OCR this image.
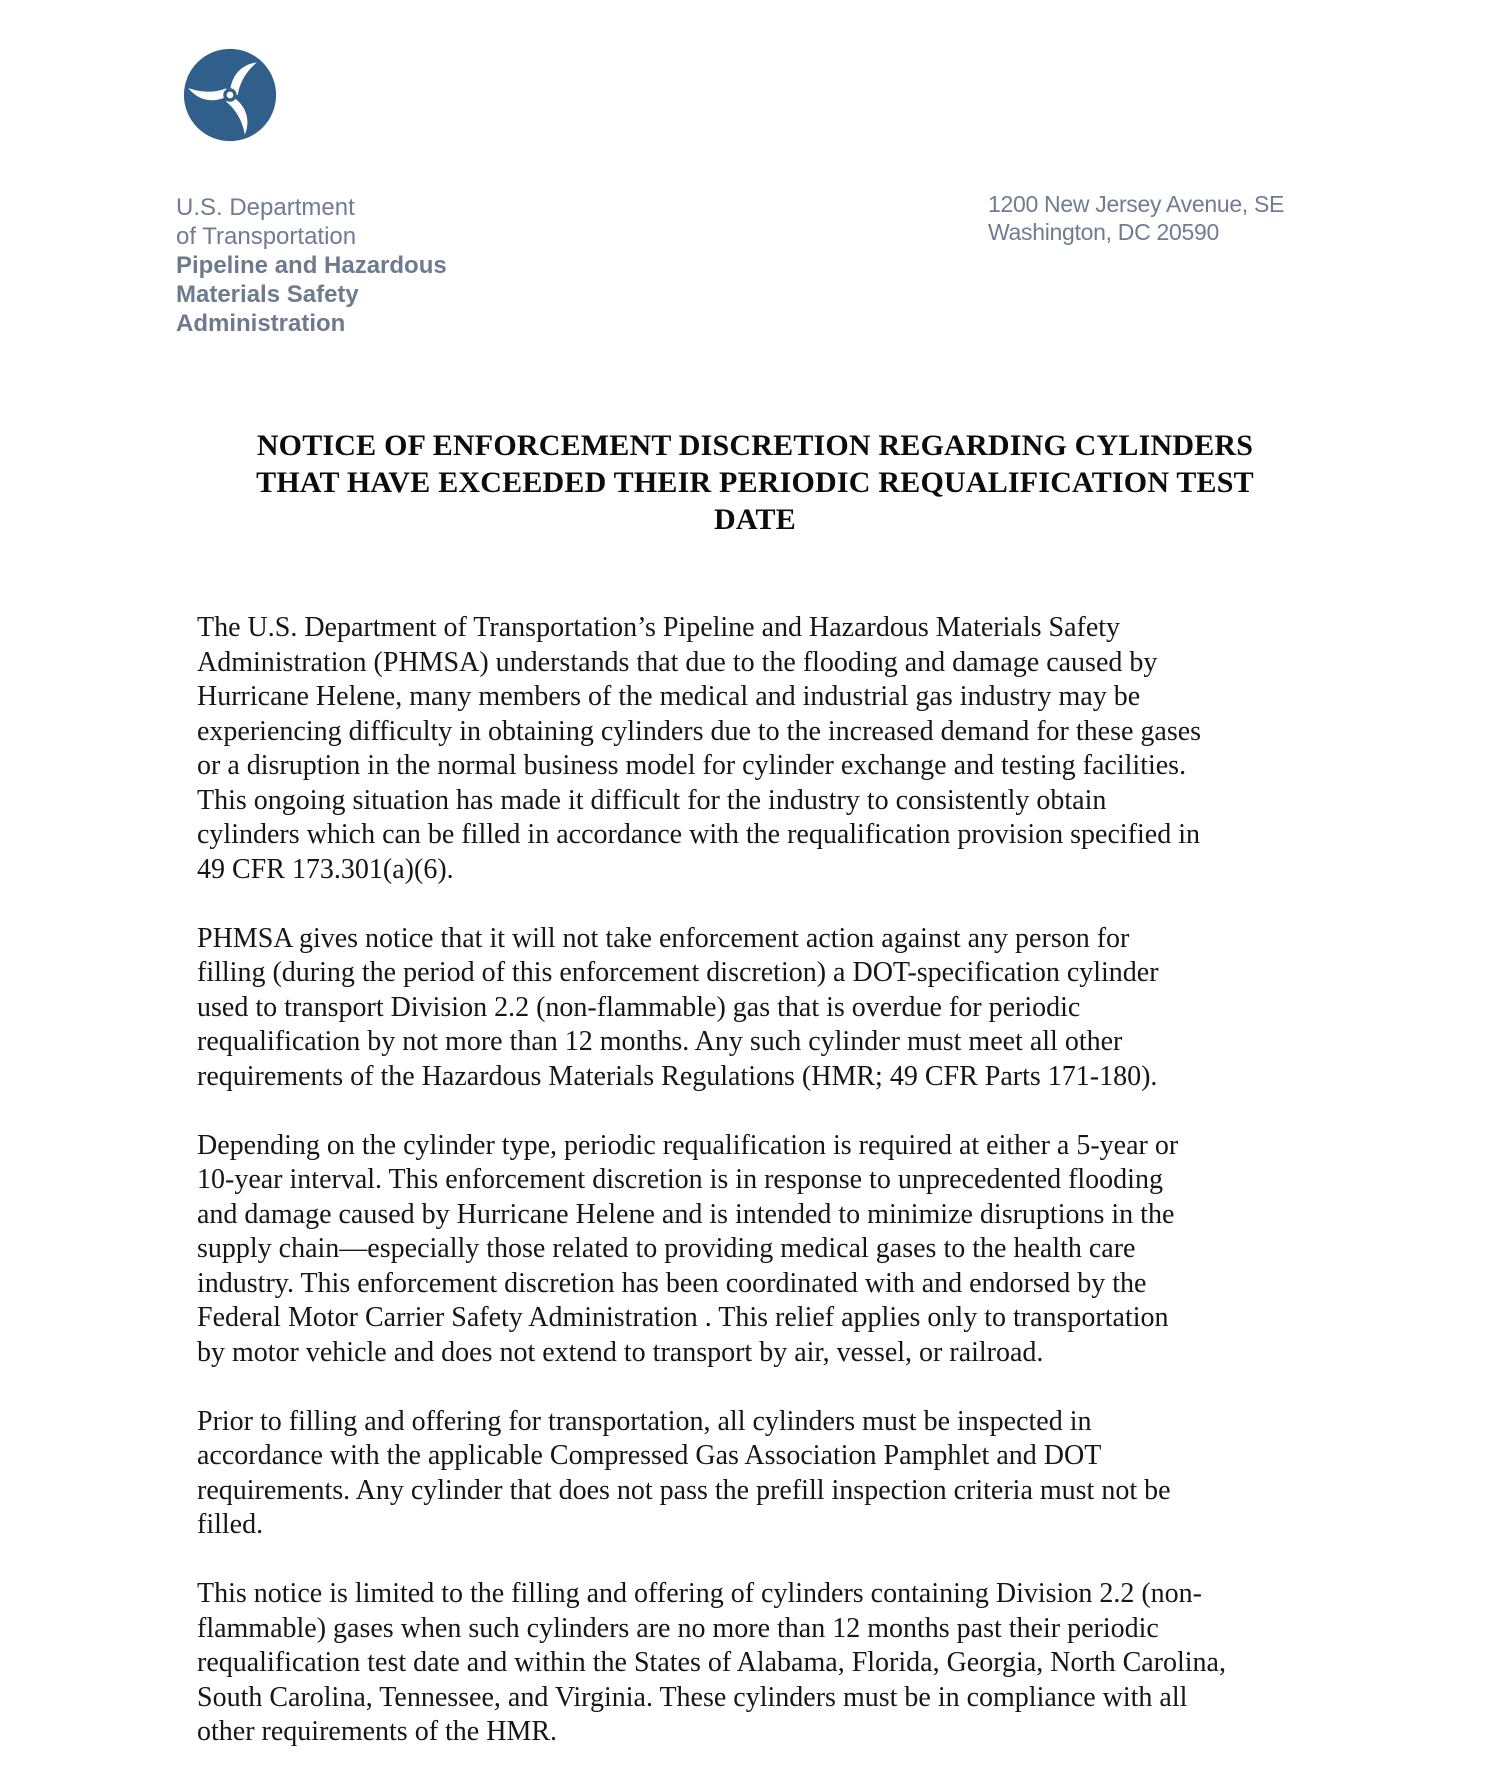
U.S. Department
of Transportation
Pipeline and Hazardous
Materials Safety
Administration
1200 New Jersey Avenue, SE
Washington, DC 20590
NOTICE OF ENFORCEMENT DISCRETION REGARDING CYLINDERS
THAT HAVE EXCEEDED THEIR PERIODIC REQUALIFICATION TEST
DATE
The U.S. Department of Transportation’s Pipeline and Hazardous Materials Safety
Administration (PHMSA) understands that due to the flooding and damage caused by
Hurricane Helene, many members of the medical and industrial gas industry may be
experiencing difficulty in obtaining cylinders due to the increased demand for these gases
or a disruption in the normal business model for cylinder exchange and testing facilities.
This ongoing situation has made it difficult for the industry to consistently obtain
cylinders which can be filled in accordance with the requalification provision specified in
49 CFR 173.301(a)(6).
PHMSA gives notice that it will not take enforcement action against any person for
filling (during the period of this enforcement discretion) a DOT-specification cylinder
used to transport Division 2.2 (non-flammable) gas that is overdue for periodic
requalification by not more than 12 months. Any such cylinder must meet all other
requirements of the Hazardous Materials Regulations (HMR; 49 CFR Parts 171-180).
Depending on the cylinder type, periodic requalification is required at either a 5-year or
10-year interval. This enforcement discretion is in response to unprecedented flooding
and damage caused by Hurricane Helene and is intended to minimize disruptions in the
supply chain—especially those related to providing medical gases to the health care
industry. This enforcement discretion has been coordinated with and endorsed by the
Federal Motor Carrier Safety Administration . This relief applies only to transportation
by motor vehicle and does not extend to transport by air, vessel, or railroad.
Prior to filling and offering for transportation, all cylinders must be inspected in
accordance with the applicable Compressed Gas Association Pamphlet and DOT
requirements. Any cylinder that does not pass the prefill inspection criteria must not be
filled.
This notice is limited to the filling and offering of cylinders containing Division 2.2 (non-
flammable) gases when such cylinders are no more than 12 months past their periodic
requalification test date and within the States of Alabama, Florida, Georgia, North Carolina,
South Carolina, Tennessee, and Virginia. These cylinders must be in compliance with all
other requirements of the HMR.
